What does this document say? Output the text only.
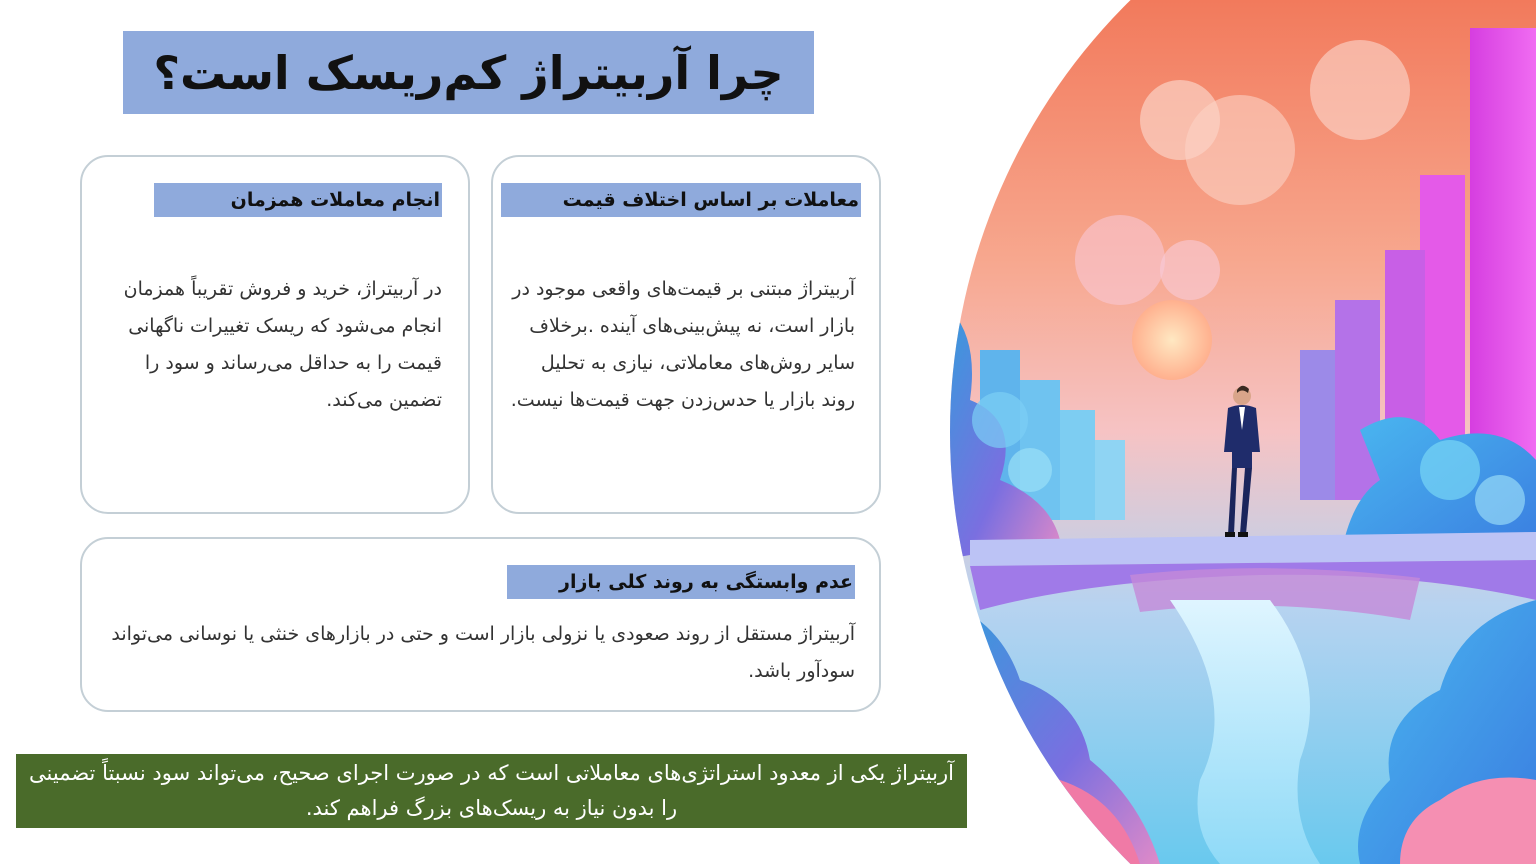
چرا آربیتراژ کم‌ریسک است؟
معاملات بر اساس اختلاف قیمت

آربیتراژ مبتنی بر قیمت‌های واقعی موجود در بازار است، نه پیش‌بینی‌های آینده .برخلاف سایر روش‌های معاملاتی، نیازی به تحلیل روند بازار یا حدس‌زدن جهت قیمت‌ها نیست.

انجام معاملات همزمان

در آربیتراژ، خرید و فروش تقریباً همزمان انجام می‌شود که ریسک تغییرات ناگهانی قیمت را به حداقل می‌رساند و سود را تضمین می‌کند.

عدم وابستگی به روند کلی بازار

آربیتراژ مستقل از روند صعودی یا نزولی بازار است و حتی در بازارهای خنثی یا نوسانی می‌تواند سودآور باشد.

آربیتراژ یکی از معدود استراتژی‌های معاملاتی است که در صورت اجرای صحیح، می‌تواند سود نسبتاً تضمینی را بدون نیاز به ریسک‌های بزرگ فراهم کند.
